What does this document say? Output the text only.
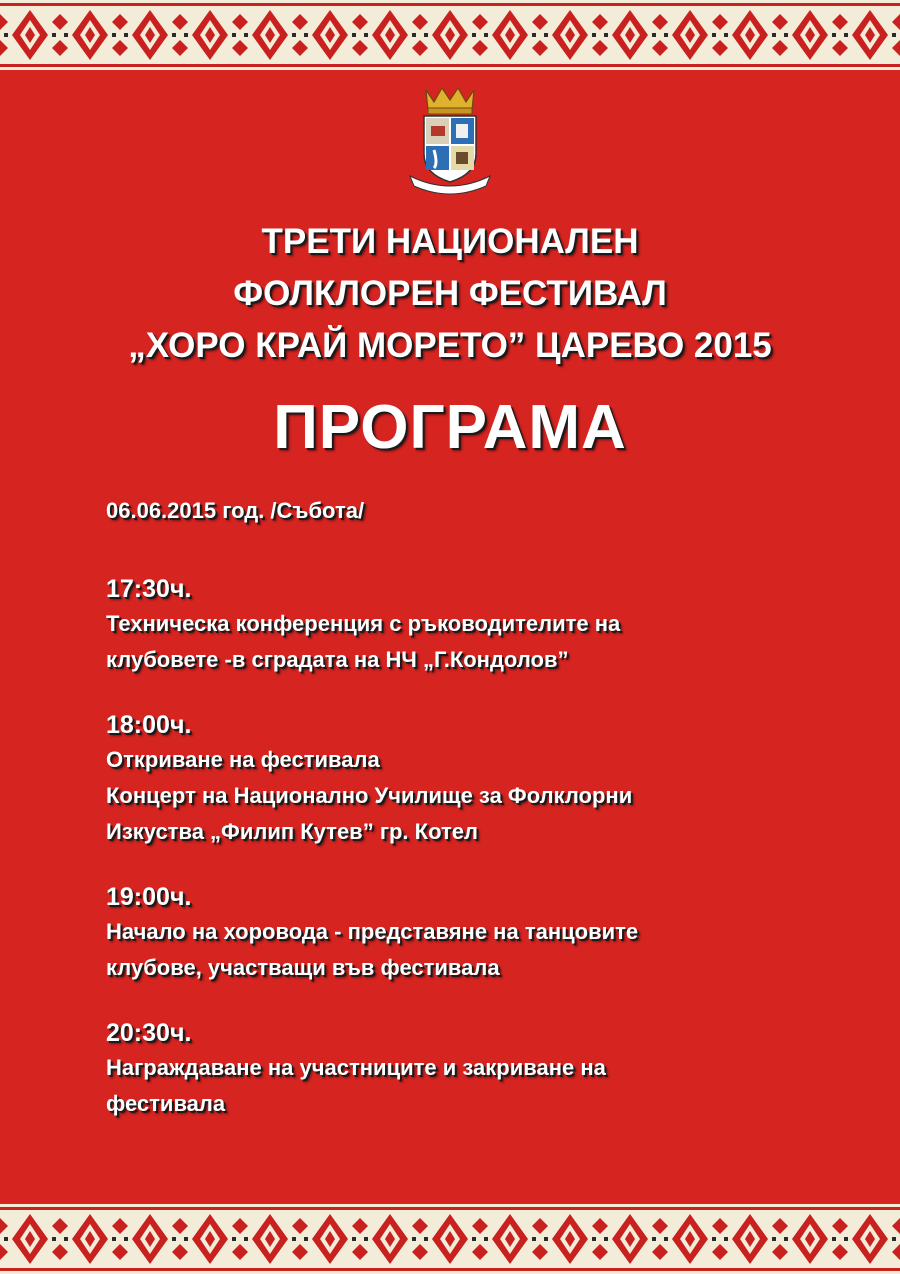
ТРЕТИ НАЦИОНАЛЕН
ФОЛКЛОРЕН ФЕСТИВАЛ
„ХОРО КРАЙ МОРЕТО” ЦАРЕВО 2015
ПРОГРАМА
06.06.2015 год. /Събота/
17:30ч.
Техническа конференция с ръководителите на
клубовете -в сградата на НЧ „Г.Кондолов”
18:00ч.
Откриване на фестивала
Концерт на Национално Училище за Фолклорни
Изкуства „Филип Кутев” гр. Котел
19:00ч.
Начало на хоровода - представяне на танцовите
клубове, участващи във фестивала
20:30ч.
Награждаване на участниците и закриване на
фестивала
